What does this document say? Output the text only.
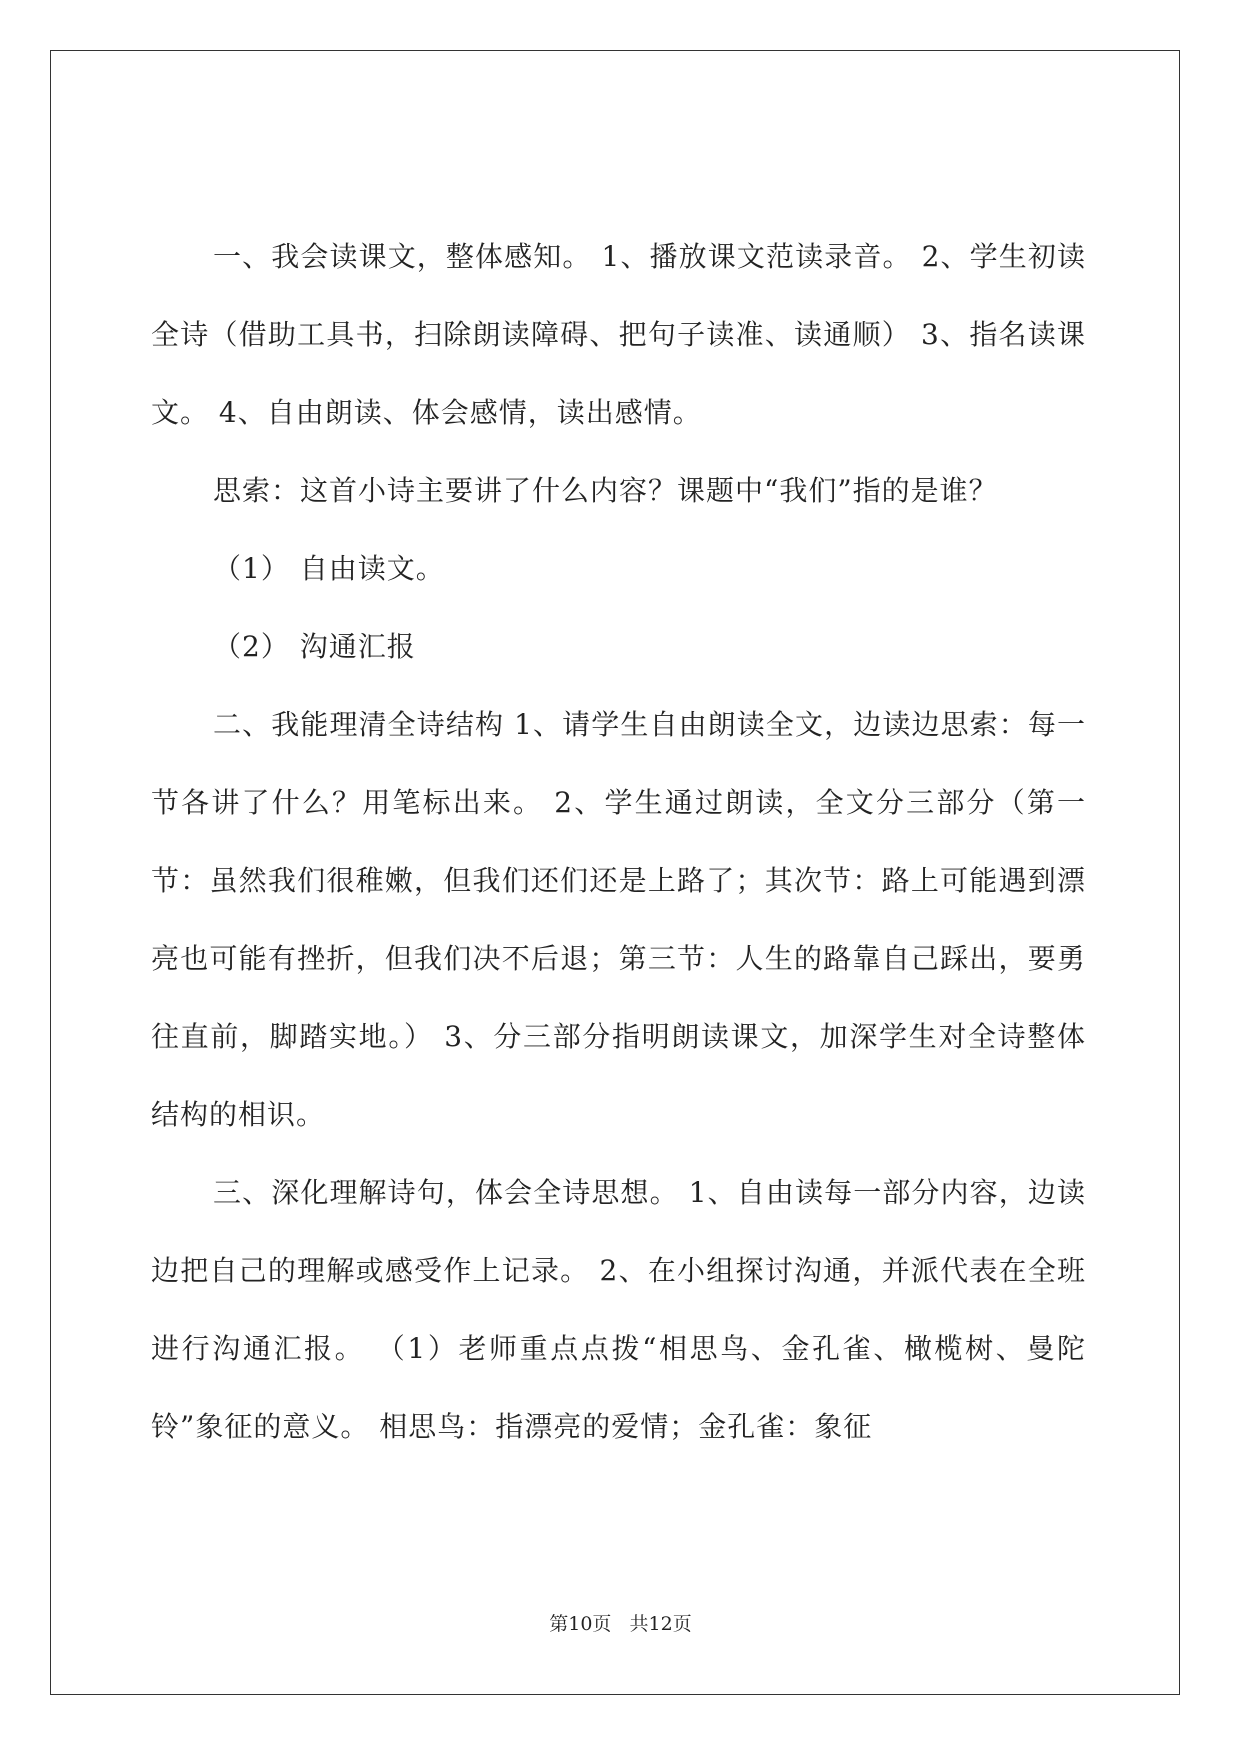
一、我会读课文，整体感知。 1、播放课文范读录音。 2、学生初读全诗（借助工具书，扫除朗读障碍、把句子读准、读通顺） 3、指名读课文。 4、自由朗读、体会感情，读出感情。

思索：这首小诗主要讲了什么内容？课题中“我们”指的是谁？

（1） 自由读文。

（2） 沟通汇报

二、我能理清全诗结构 1、请学生自由朗读全文，边读边思索：每一节各讲了什么？用笔标出来。 2、学生通过朗读，全文分三部分（第一节：虽然我们很稚嫩，但我们还们还是上路了；其次节：路上可能遇到漂亮也可能有挫折，但我们决不后退；第三节：人生的路靠自己踩出，要勇往直前，脚踏实地。） 3、分三部分指明朗读课文，加深学生对全诗整体结构的相识。

三、深化理解诗句，体会全诗思想。 1、自由读每一部分内容，边读边把自己的理解或感受作上记录。 2、在小组探讨沟通，并派代表在全班进行沟通汇报。 （1）老师重点点拨“相思鸟、金孔雀、橄榄树、曼陀铃”象征的意义。 相思鸟：指漂亮的爱情；金孔雀：象征

第10页   共12页
